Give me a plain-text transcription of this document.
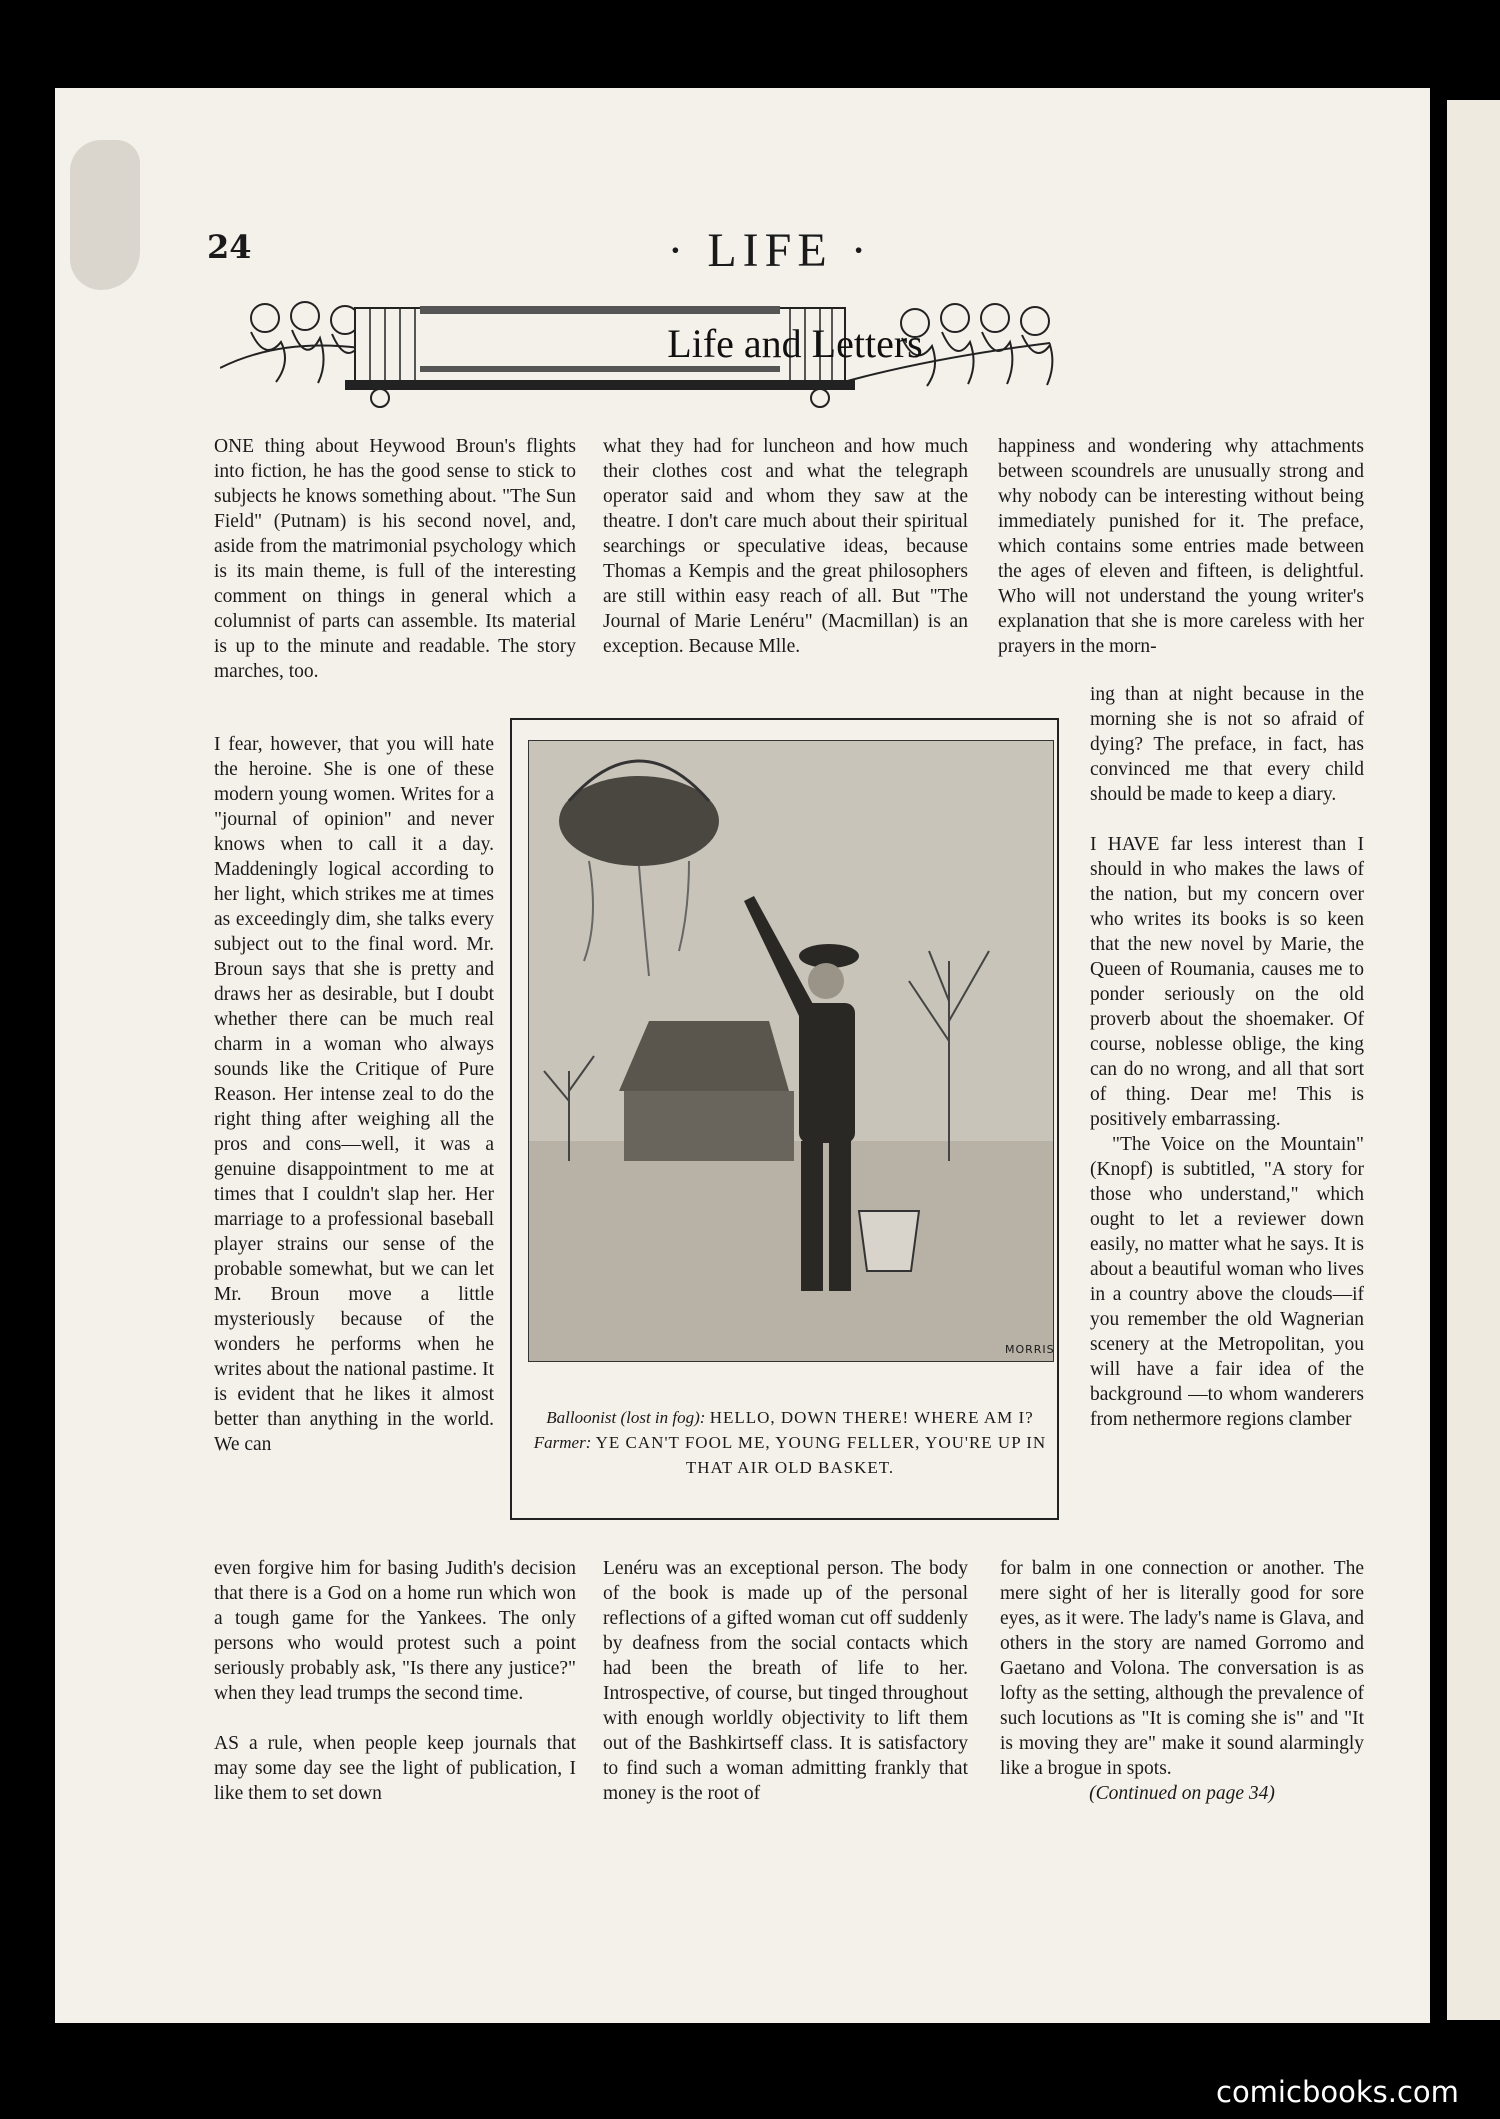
24	· LIFE ·
Life and Letters

ONE thing about Heywood Broun's flights into fiction, he has the good sense to stick to subjects he knows something about. "The Sun Field" (Putnam) is his second novel, and, aside from the matrimonial psychology which is its main theme, is full of the interesting comment on things in general which a columnist of parts can assemble. Its material is up to the minute and readable. The story marches, too.

I fear, however, that you will hate the heroine. She is one of these modern young women. Writes for a "journal of opinion" and never knows when to call it a day. Maddeningly logical according to her light, which strikes me at times as exceedingly dim, she talks every subject out to the final word. Mr. Broun says that she is pretty and draws her as desirable, but I doubt whether there can be much real charm in a woman who always sounds like the Critique of Pure Reason. Her intense zeal to do the right thing after weighing all the pros and cons—well, it was a genuine disappointment to me at times that I couldn't slap her. Her marriage to a professional baseball player strains our sense of the probable somewhat, but we can let Mr. Broun move a little mysteriously because of the wonders he performs when he writes about the national pastime. It is evident that he likes it almost better than anything in the world. We can

even forgive him for basing Judith's decision that there is a God on a home run which won a tough game for the Yankees. The only persons who would protest such a point seriously probably ask, "Is there any justice?" when they lead trumps the second time.

AS a rule, when people keep journals that may some day see the light of publication, I like them to set down

what they had for luncheon and how much their clothes cost and what the telegraph operator said and whom they saw at the theatre. I don't care much about their spiritual searchings or speculative ideas, because Thomas a Kempis and the great philosophers are still within easy reach of all. But "The Journal of Marie Lenéru" (Macmillan) is an exception. Because Mlle.

Lenéru was an exceptional person. The body of the book is made up of the personal reflections of a gifted woman cut off suddenly by deafness from the social contacts which had been the breath of life to her. Introspective, of course, but tinged throughout with enough worldly objectivity to lift them out of the Bashkirtseff class. It is satisfactory to find such a woman admitting frankly that money is the root of

happiness and wondering why attachments between scoundrels are unusually strong and why nobody can be interesting without being immediately punished for it. The preface, which contains some entries made between the ages of eleven and fifteen, is delightful. Who will not understand the young writer's explanation that she is more careless with her prayers in the morn-

ing than at night because in the morning she is not so afraid of dying? The preface, in fact, has convinced me that every child should be made to keep a diary.

I HAVE far less interest than I should in who makes the laws of the nation, but my concern over who writes its books is so keen that the new novel by Marie, the Queen of Roumania, causes me to ponder seriously on the old proverb about the shoemaker. Of course, noblesse oblige, the king can do no wrong, and all that sort of thing. Dear me! This is positively embarrassing.

"The Voice on the Mountain" (Knopf) is subtitled, "A story for those who understand," which ought to let a reviewer down easily, no matter what he says. It is about a beautiful woman who lives in a country above the clouds—if you remember the old Wagnerian scenery at the Metropolitan, you will have a fair idea of the background —to whom wanderers from nethermore regions clamber

for balm in one connection or another. The mere sight of her is literally good for sore eyes, as it were. The lady's name is Glava, and others in the story are named Gorromo and Gaetano and Volona. The conversation is as lofty as the setting, although the prevalence of such locutions as "It is coming she is" and "It is moving they are" make it sound alarmingly like a brogue in spots.

(Continued on page 34)

MORRIS
Balloonist (lost in fog): HELLO, DOWN THERE! WHERE AM I?
Farmer: YE CAN'T FOOL ME, YOUNG FELLER, YOU'RE UP IN THAT AIR OLD BASKET.
comicbooks.com
